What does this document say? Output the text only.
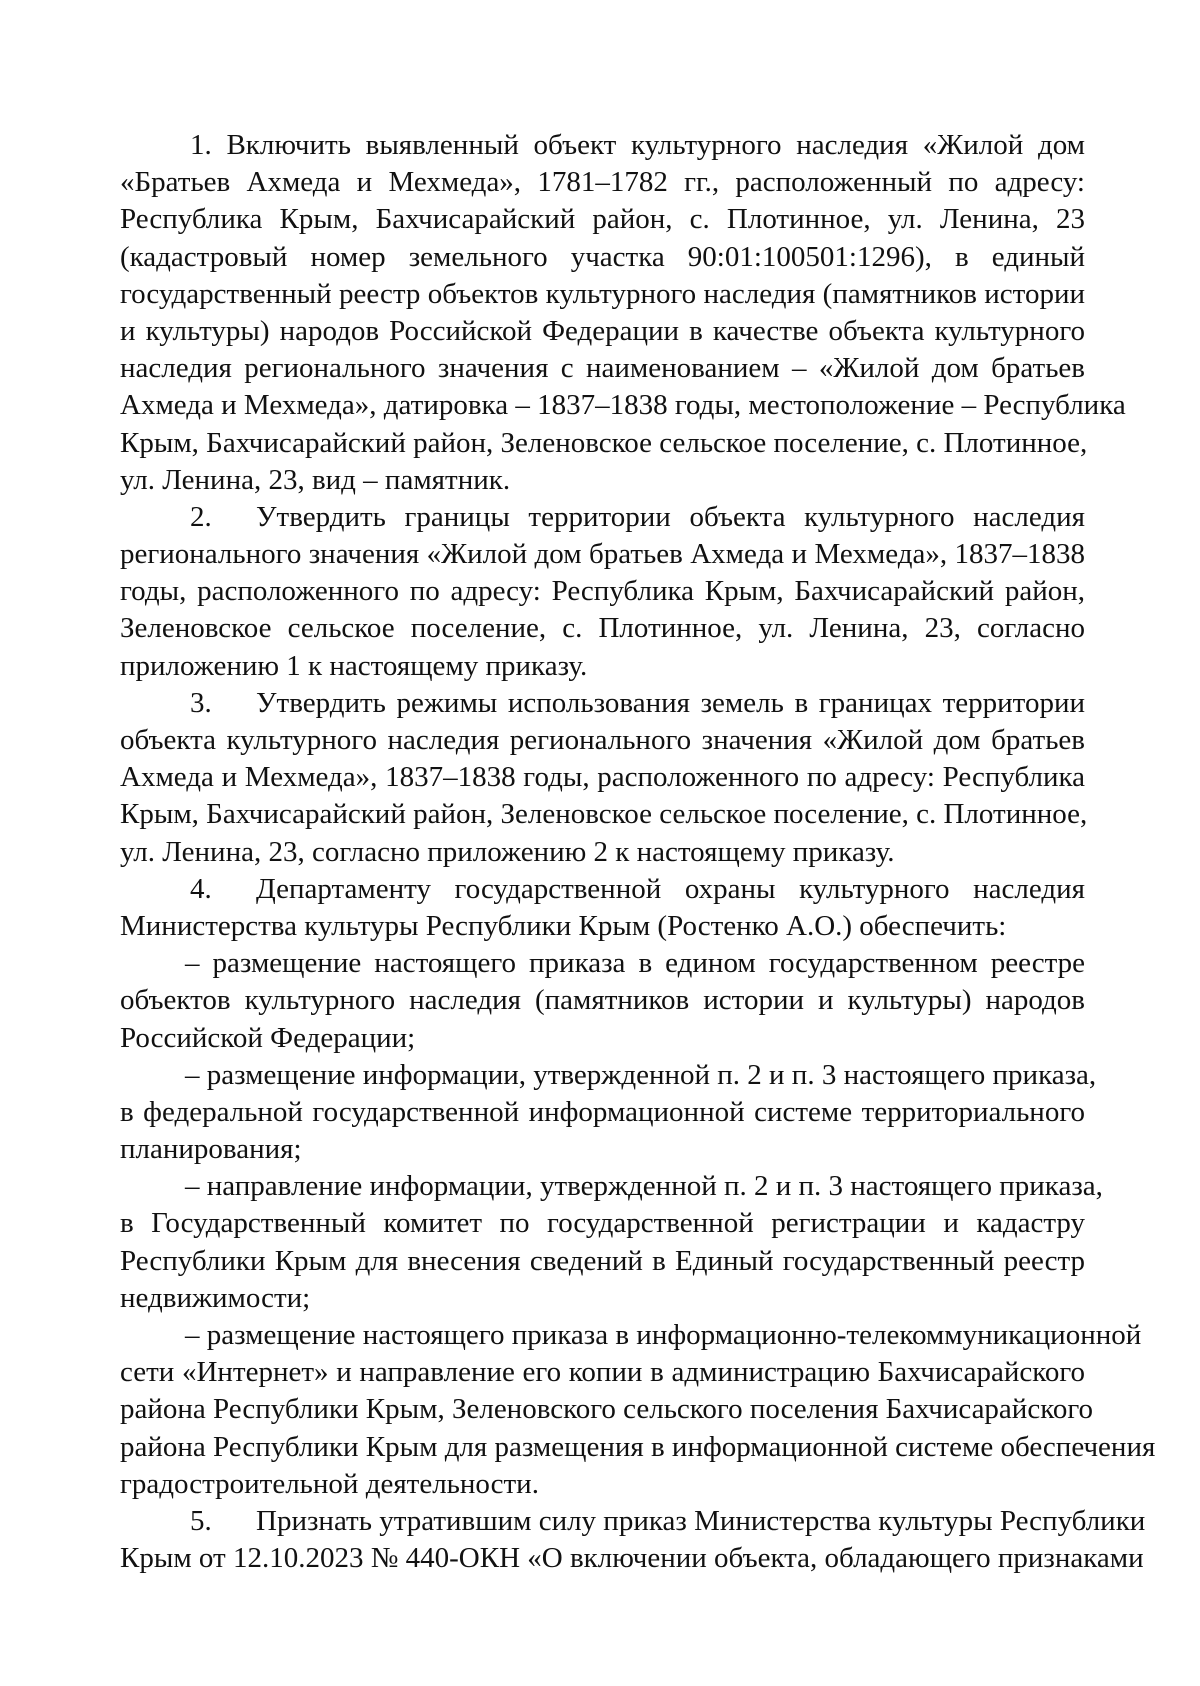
1. Включить выявленный объект культурного наследия «Жилой дом
«Братьев Ахмеда и Мехмеда», 1781–1782 гг., расположенный по адресу:
Республика Крым, Бахчисарайский район, с. Плотинное, ул. Ленина, 23
(кадастровый номер земельного участка 90:01:100501:1296), в единый
государственный реестр объектов культурного наследия (памятников истории
и культуры) народов Российской Федерации в качестве объекта культурного
наследия регионального значения с наименованием – «Жилой дом братьев
Ахмеда и Мехмеда», датировка – 1837–1838 годы, местоположение – Республика
Крым, Бахчисарайский район, Зеленовское сельское поселение, с. Плотинное,
ул. Ленина, 23, вид – памятник.
2. Утвердить границы территории объекта культурного наследия
регионального значения «Жилой дом братьев Ахмеда и Мехмеда», 1837–1838
годы, расположенного по адресу: Республика Крым, Бахчисарайский район,
Зеленовское сельское поселение, с. Плотинное, ул. Ленина, 23, согласно
приложению 1 к настоящему приказу.
3. Утвердить режимы использования земель в границах территории
объекта культурного наследия регионального значения «Жилой дом братьев
Ахмеда и Мехмеда», 1837–1838 годы, расположенного по адресу: Республика
Крым, Бахчисарайский район, Зеленовское сельское поселение, с. Плотинное,
ул. Ленина, 23, согласно приложению 2 к настоящему приказу.
4. Департаменту государственной охраны культурного наследия
Министерства культуры Республики Крым (Ростенко А.О.) обеспечить:
– размещение настоящего приказа в едином государственном реестре
объектов культурного наследия (памятников истории и культуры) народов
Российской Федерации;
– размещение информации, утвержденной п. 2 и п. 3 настоящего приказа,
в федеральной государственной информационной системе территориального
планирования;
– направление информации, утвержденной п. 2 и п. 3 настоящего приказа,
в Государственный комитет по государственной регистрации и кадастру
Республики Крым для внесения сведений в Единый государственный реестр
недвижимости;
– размещение настоящего приказа в информационно-телекоммуникационной
сети «Интернет» и направление его копии в администрацию Бахчисарайского
района Республики Крым, Зеленовского сельского поселения Бахчисарайского
района Республики Крым для размещения в информационной системе обеспечения
градостроительной деятельности.
5. Признать утратившим силу приказ Министерства культуры Республики
Крым от 12.10.2023 № 440-ОКН «О включении объекта, обладающего признаками
